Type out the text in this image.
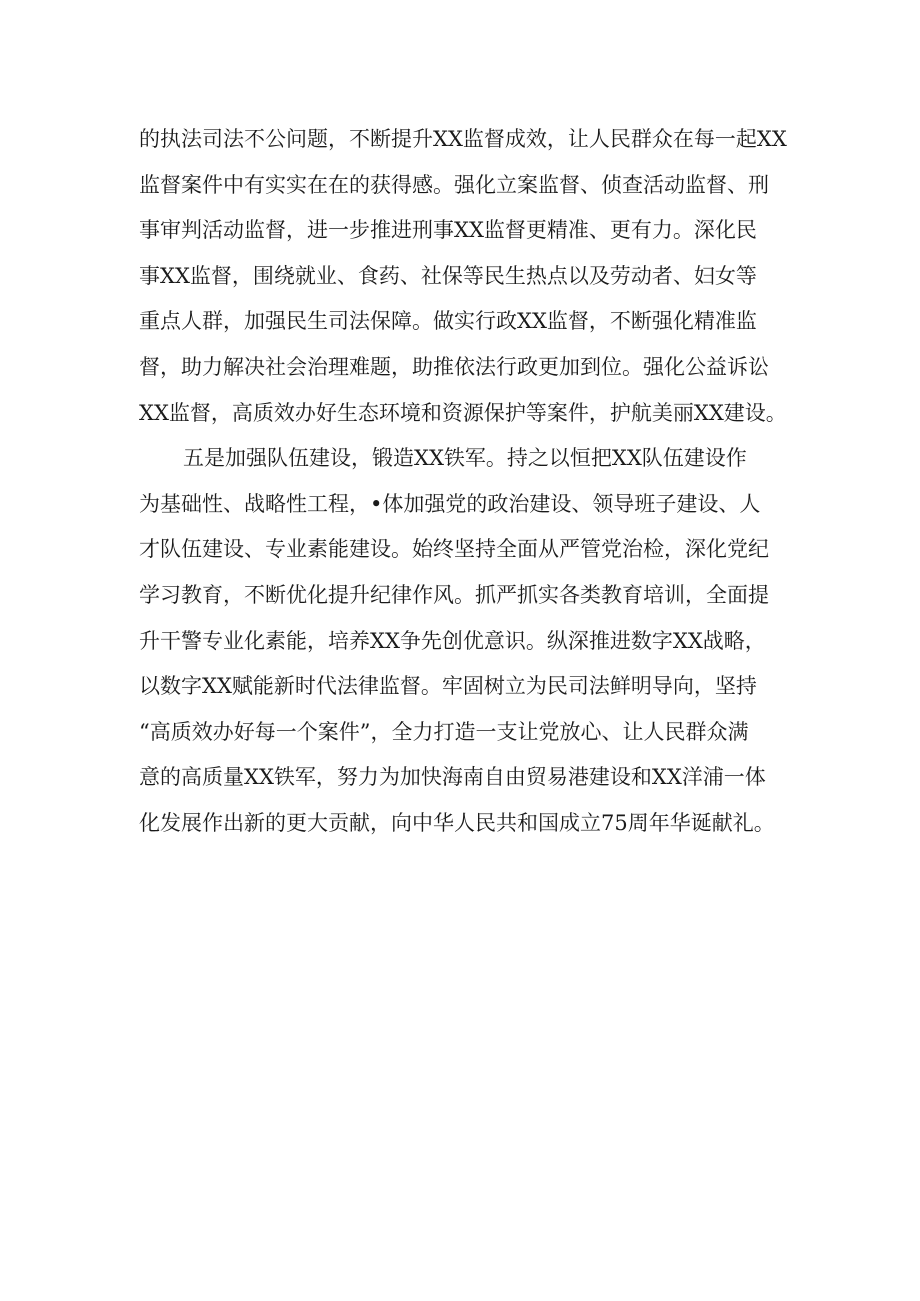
的执法司法不公问题，不断提升XX监督成效，让人民群众在每一起XX
监督案件中有实实在在的获得感。强化立案监督、侦查活动监督、刑
事审判活动监督，进一步推进刑事XX监督更精准、更有力。深化民
事XX监督，围绕就业、食药、社保等民生热点以及劳动者、妇女等
重点人群，加强民生司法保障。做实行政XX监督，不断强化精准监
督，助力解决社会治理难题，助推依法行政更加到位。强化公益诉讼
XX监督，高质效办好生态环境和资源保护等案件，护航美丽XX建设。
五是加强队伍建设，锻造XX铁军。持之以恒把XX队伍建设作
为基础性、战略性工程，•体加强党的政治建设、领导班子建设、人
才队伍建设、专业素能建设。始终坚持全面从严管党治检，深化党纪
学习教育，不断优化提升纪律作风。抓严抓实各类教育培训，全面提
升干警专业化素能，培养XX争先创优意识。纵深推进数字XX战略，
以数字XX赋能新时代法律监督。牢固树立为民司法鲜明导向，坚持
“高质效办好每一个案件”，全力打造一支让党放心、让人民群众满
意的高质量XX铁军，努力为加快海南自由贸易港建设和XX洋浦一体
化发展作出新的更大贡献，向中华人民共和国成立75周年华诞献礼。
